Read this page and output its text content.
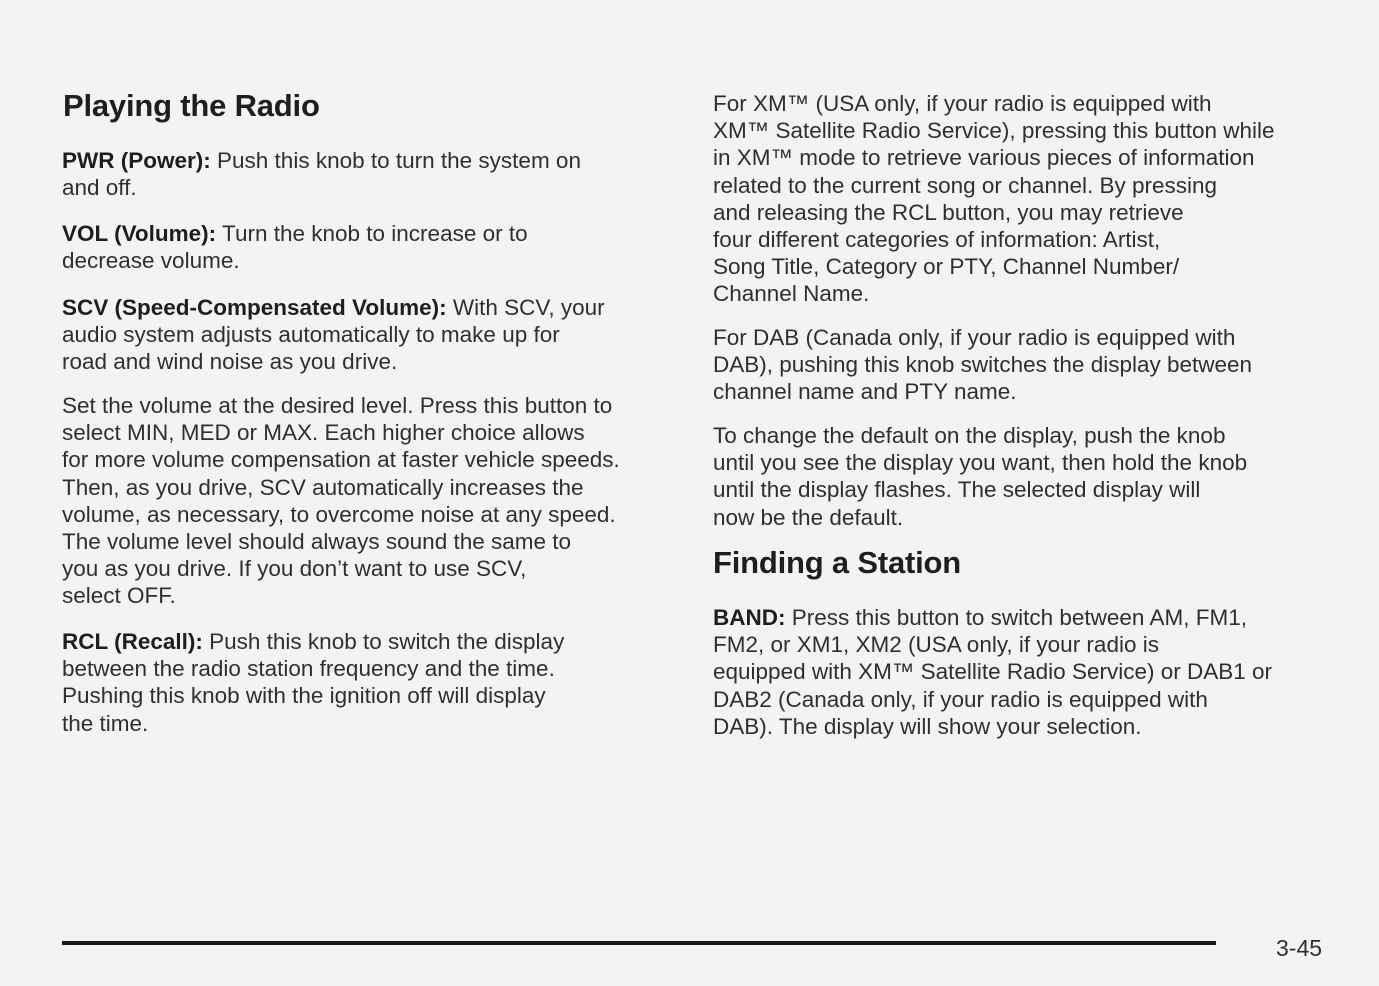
Playing the Radio

PWR (Power): Push this knob to turn the system on
and off.

VOL (Volume): Turn the knob to increase or to
decrease volume.

SCV (Speed-Compensated Volume): With SCV, your
audio system adjusts automatically to make up for
road and wind noise as you drive.

Set the volume at the desired level. Press this button to
select MIN, MED or MAX. Each higher choice allows
for more volume compensation at faster vehicle speeds.
Then, as you drive, SCV automatically increases the
volume, as necessary, to overcome noise at any speed.
The volume level should always sound the same to
you as you drive. If you don’t want to use SCV,
select OFF.

RCL (Recall): Push this knob to switch the display
between the radio station frequency and the time.
Pushing this knob with the ignition off will display
the time.

For XM™ (USA only, if your radio is equipped with
XM™ Satellite Radio Service), pressing this button while
in XM™ mode to retrieve various pieces of information
related to the current song or channel. By pressing
and releasing the RCL button, you may retrieve
four different categories of information: Artist,
Song Title, Category or PTY, Channel Number/
Channel Name.

For DAB (Canada only, if your radio is equipped with
DAB), pushing this knob switches the display between
channel name and PTY name.

To change the default on the display, push the knob
until you see the display you want, then hold the knob
until the display flashes. The selected display will
now be the default.

Finding a Station

BAND: Press this button to switch between AM, FM1,
FM2, or XM1, XM2 (USA only, if your radio is
equipped with XM™ Satellite Radio Service) or DAB1 or
DAB2 (Canada only, if your radio is equipped with
DAB). The display will show your selection.

3-45
